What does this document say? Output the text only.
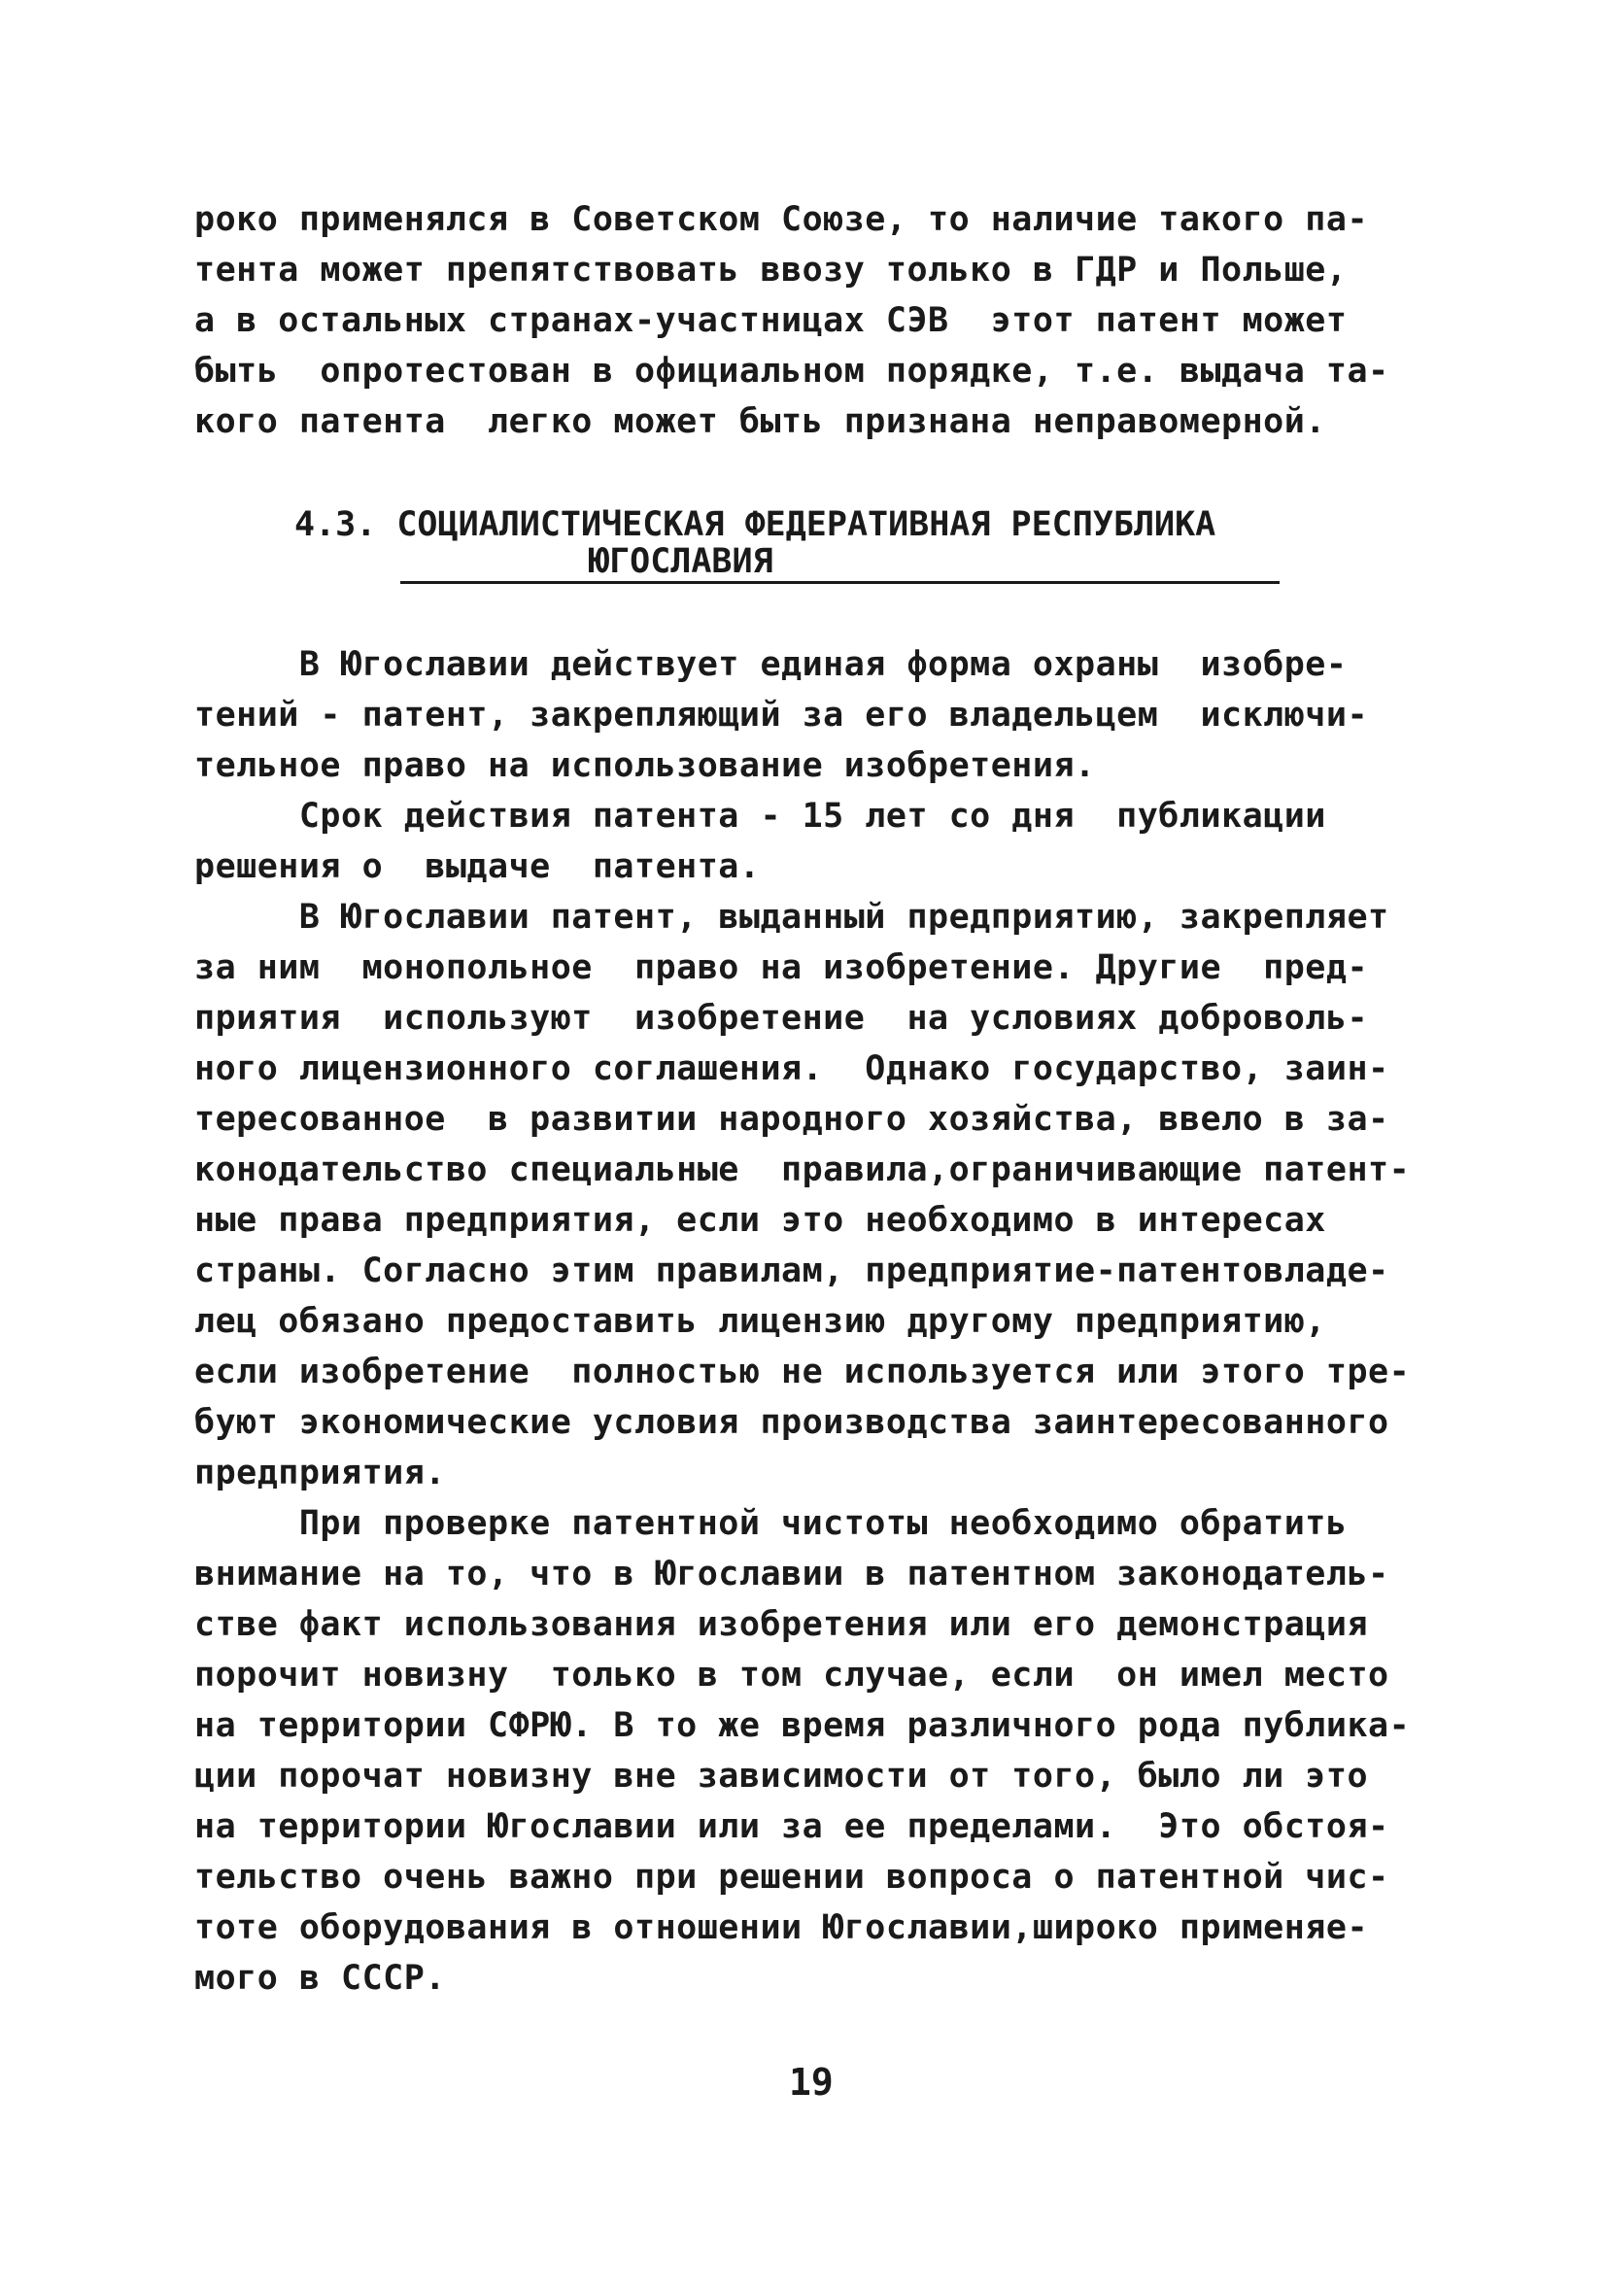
роко применялся в Советском Союзе, то наличие такого па-
тента может препятствовать ввозу только в ГДР и Польше,
а в остальных странах-участницах СЭВ  этот патент может
быть  опротестован в официальном порядке, т.е. выдача та-
кого патента  легко может быть признана неправомерной.
4.3. СОЦИАЛИСТИЧЕСКАЯ ФЕДЕРАТИВНАЯ РЕСПУБЛИКА
ЮГОСЛАВИЯ
В Югославии действует единая форма охраны  изобре-
тений - патент, закрепляющий за его владельцем  исключи-
тельное право на использование изобретения.
Срок действия патента - 15 лет со дня  публикации
решения о  выдаче  патента.
В Югославии патент, выданный предприятию, закрепляет
за ним  монопольное  право на изобретение. Другие  пред-
приятия  используют  изобретение  на условиях доброволь-
ного лицензионного соглашения.  Однако государство, заин-
тересованное  в развитии народного хозяйства, ввело в за-
конодательство специальные  правила,ограничивающие патент-
ные права предприятия, если это необходимо в интересах
страны. Согласно этим правилам, предприятие-патентовладе-
лец обязано предоставить лицензию другому предприятию,
если изобретение  полностью не используется или этого тре-
буют экономические условия производства заинтересованного
предприятия.
При проверке патентной чистоты необходимо обратить
внимание на то, что в Югославии в патентном законодатель-
стве факт использования изобретения или его демонстрация
порочит новизну  только в том случае, если  он имел место
на территории СФРЮ. В то же время различного рода публика-
ции порочат новизну вне зависимости от того, было ли это
на территории Югославии или за ее пределами.  Это обстоя-
тельство очень важно при решении вопроса о патентной чис-
тоте оборудования в отношении Югославии,широко применяе-
мого в СССР.
19
